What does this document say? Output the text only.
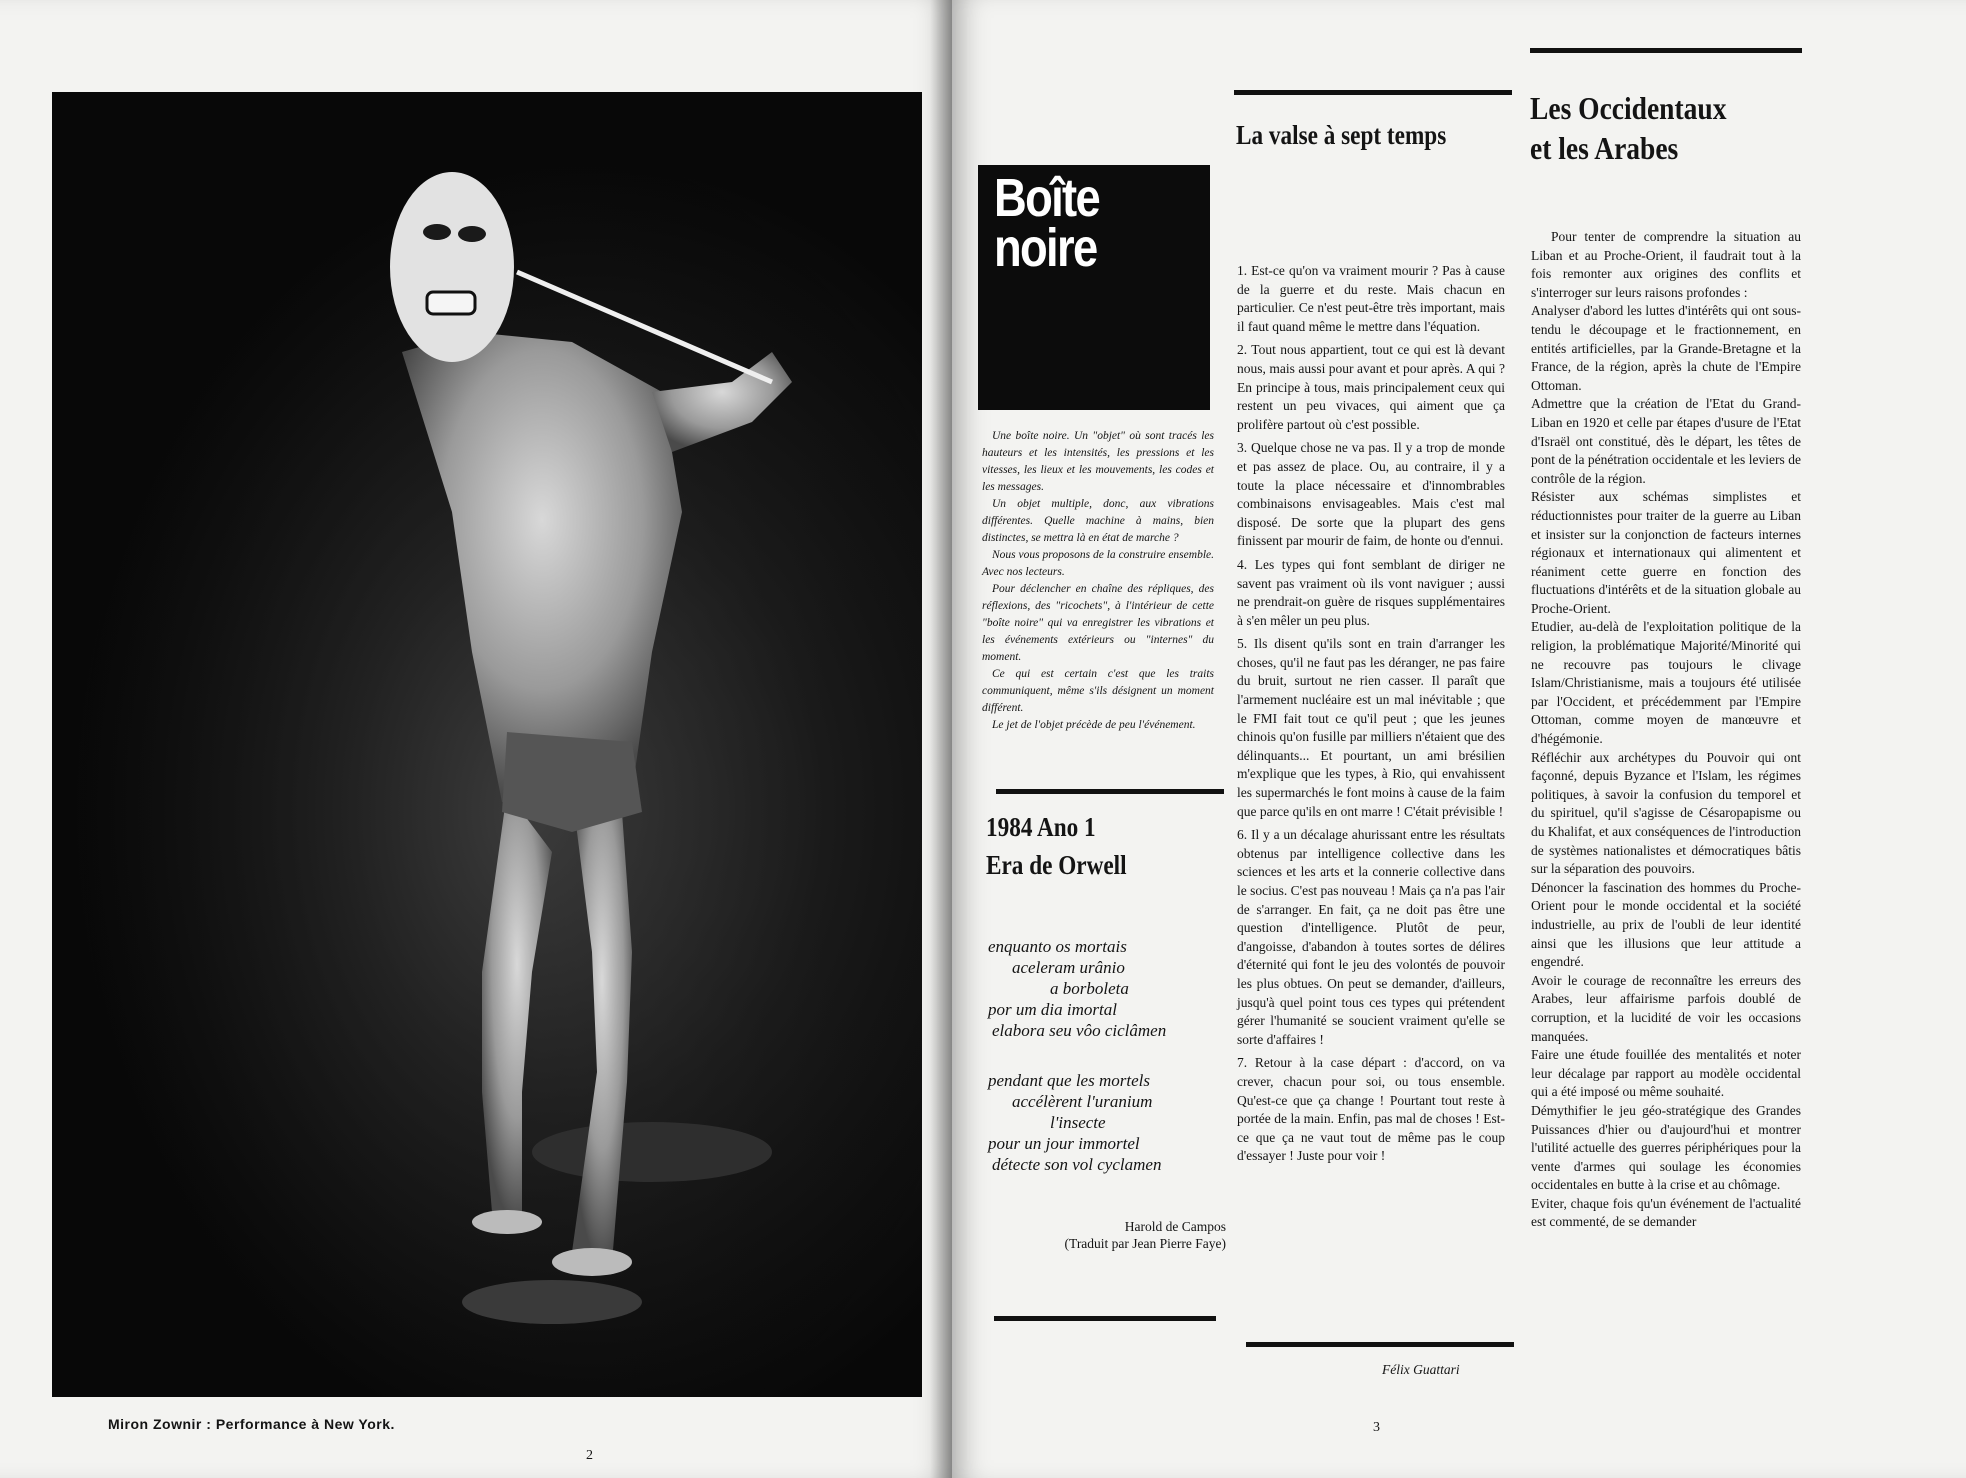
Miron Zownir : Performance à New York.
2
Boîte noire

Une boîte noire. Un "objet" où sont tracés les hauteurs et les intensités, les pressions et les vitesses, les lieux et les mouvements, les codes et les messages.

Un objet multiple, donc, aux vibrations différentes. Quelle machine à mains, bien distinctes, se mettra là en état de marche ?

Nous vous proposons de la construire ensemble. Avec nos lecteurs.

Pour déclencher en chaîne des répliques, des réflexions, des "ricochets", à l'intérieur de cette "boîte noire" qui va enregistrer les vibrations et les événements extérieurs ou "internes" du moment.

Ce qui est certain c'est que les traits communiquent, même s'ils désignent un moment différent.

Le jet de l'objet précède de peu l'événement.

1984 Ano 1
Era de Orwell
enquanto os mortais
aceleram urânio
a borboleta
por um dia imortal
elabora seu vôo ciclâmen
pendant que les mortels
accélèrent l'uranium
l'insecte
pour un jour immortel
détecte son vol cyclamen
Harold de Campos
(Traduit par Jean Pierre Faye)
La valse à sept temps

1. Est-ce qu'on va vraiment mourir ? Pas à cause de la guerre et du reste. Mais chacun en particulier. Ce n'est peut-être très important, mais il faut quand même le mettre dans l'équation.

2. Tout nous appartient, tout ce qui est là devant nous, mais aussi pour avant et pour après. A qui ? En principe à tous, mais principalement ceux qui restent un peu vivaces, qui aiment que ça prolifère partout où c'est possible.

3. Quelque chose ne va pas. Il y a trop de monde et pas assez de place. Ou, au contraire, il y a toute la place nécessaire et d'innombrables combinaisons envisageables. Mais c'est mal disposé. De sorte que la plupart des gens finissent par mourir de faim, de honte ou d'ennui.

4. Les types qui font semblant de diriger ne savent pas vraiment où ils vont naviguer ; aussi ne prendrait-on guère de risques supplémentaires à s'en mêler un peu plus.

5. Ils disent qu'ils sont en train d'arranger les choses, qu'il ne faut pas les déranger, ne pas faire du bruit, surtout ne rien casser. Il paraît que l'armement nucléaire est un mal inévitable ; que le FMI fait tout ce qu'il peut ; que les jeunes chinois qu'on fusille par milliers n'étaient que des délinquants... Et pourtant, un ami brésilien m'explique que les types, à Rio, qui envahissent les supermarchés le font moins à cause de la faim que parce qu'ils en ont marre ! C'était prévisible !

6. Il y a un décalage ahurissant entre les résultats obtenus par intelligence collective dans les sciences et les arts et la connerie collective dans le socius. C'est pas nouveau ! Mais ça n'a pas l'air de s'arranger. En fait, ça ne doit pas être une question d'intelligence. Plutôt de peur, d'angoisse, d'abandon à toutes sortes de délires d'éternité qui font le jeu des volontés de pouvoir les plus obtues. On peut se demander, d'ailleurs, jusqu'à quel point tous ces types qui prétendent gérer l'humanité se soucient vraiment qu'elle se sorte d'affaires !

7. Retour à la case départ : d'accord, on va crever, chacun pour soi, ou tous ensemble. Qu'est-ce que ça change ! Pourtant tout reste à portée de la main. Enfin, pas mal de choses ! Est-ce que ça ne vaut tout de même pas le coup d'essayer ! Juste pour voir !

Félix Guattari
Les Occidentaux
et les Arabes

Pour tenter de comprendre la situation au Liban et au Proche-Orient, il faudrait tout à la fois remonter aux origines des conflits et s'interroger sur leurs raisons profondes :

Analyser d'abord les luttes d'intérêts qui ont sous-tendu le découpage et le fractionnement, en entités artificielles, par la Grande-Bretagne et la France, de la région, après la chute de l'Empire Ottoman.

Admettre que la création de l'Etat du Grand-Liban en 1920 et celle par étapes d'usure de l'Etat d'Israël ont constitué, dès le départ, les têtes de pont de la pénétration occidentale et les leviers de contrôle de la région.

Résister aux schémas simplistes et réductionnistes pour traiter de la guerre au Liban et insister sur la conjonction de facteurs internes régionaux et internationaux qui alimentent et réaniment cette guerre en fonction des fluctuations d'intérêts et de la situation globale au Proche-Orient.

Etudier, au-delà de l'exploitation politique de la religion, la problématique Majorité/Minorité qui ne recouvre pas toujours le clivage Islam/Christianisme, mais a toujours été utilisée par l'Occident, et précédemment par l'Empire Ottoman, comme moyen de manœuvre et d'hégémonie.

Réfléchir aux archétypes du Pouvoir qui ont façonné, depuis Byzance et l'Islam, les régimes politiques, à savoir la confusion du temporel et du spirituel, qu'il s'agisse de Césaropapisme ou du Khalifat, et aux conséquences de l'introduction de systèmes nationalistes et démocratiques bâtis sur la séparation des pouvoirs.

Dénoncer la fascination des hommes du Proche-Orient pour le monde occidental et la société industrielle, au prix de l'oubli de leur identité ainsi que les illusions que leur attitude a engendré.

Avoir le courage de reconnaître les erreurs des Arabes, leur affairisme parfois doublé de corruption, et la lucidité de voir les occasions manquées.

Faire une étude fouillée des mentalités et noter leur décalage par rapport au modèle occidental qui a été imposé ou même souhaité.

Démythifier le jeu géo-stratégique des Grandes Puissances d'hier ou d'aujourd'hui et montrer l'utilité actuelle des guerres périphériques pour la vente d'armes qui soulage les économies occidentales en butte à la crise et au chômage.

Eviter, chaque fois qu'un événement de l'actualité est commenté, de se demander

3
